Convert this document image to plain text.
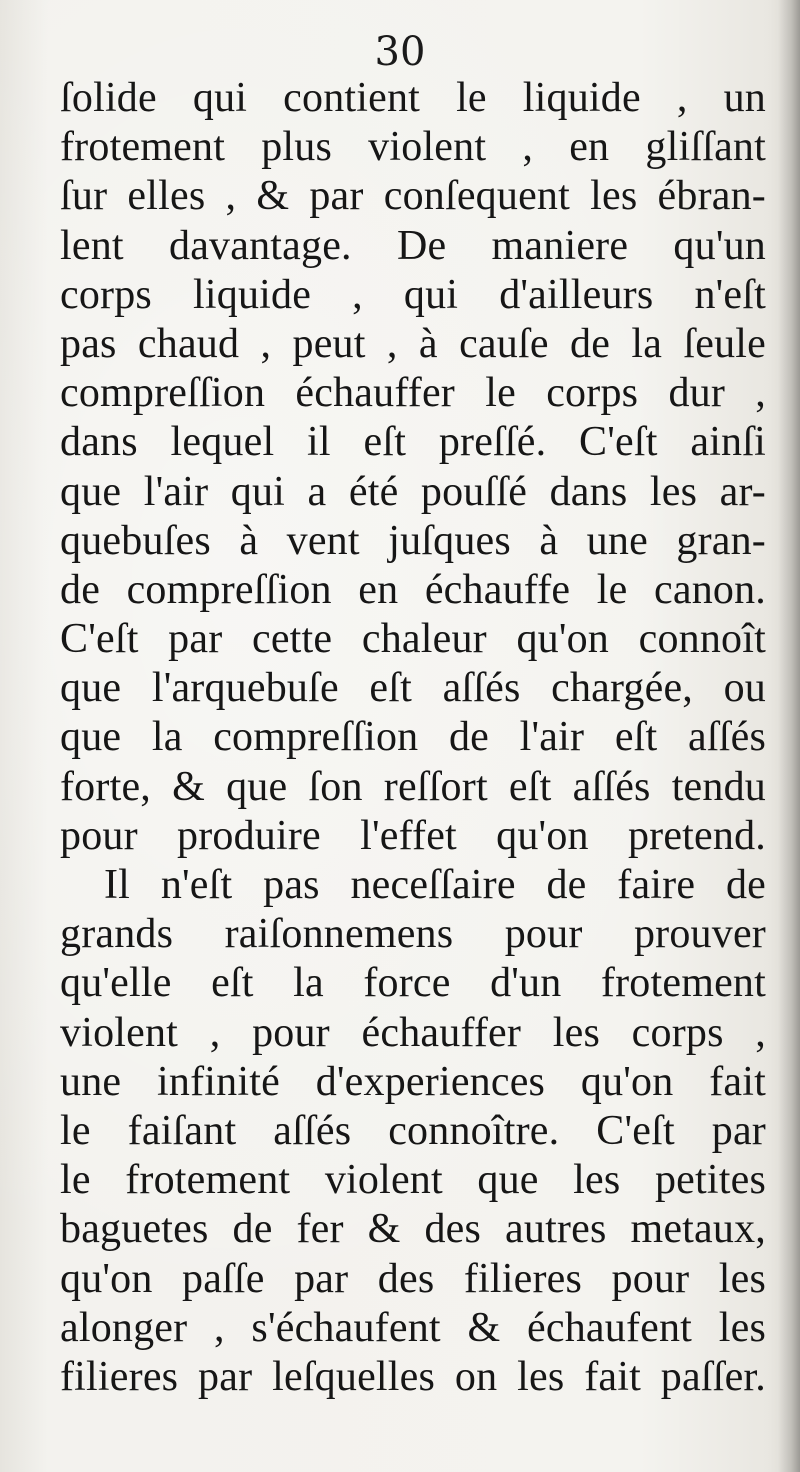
30
ſolide qui contient le liquide , un
frotement plus violent , en gliſſant
ſur elles , & par conſequent les ébran-
lent davantage. De maniere qu'un
corps liquide , qui d'ailleurs n'eſt
pas chaud , peut , à cauſe de la ſeule
compreſſion échauffer le corps dur ,
dans lequel il eſt preſſé. C'eſt ainſi
que l'air qui a été pouſſé dans les ar-
quebuſes à vent juſques à une gran-
de compreſſion en échauffe le canon.
C'eſt par cette chaleur qu'on connoît
que l'arquebuſe eſt aſſés chargée, ou
que la compreſſion de l'air eſt aſſés
forte, & que ſon reſſort eſt aſſés tendu
pour produire l'effet qu'on pretend.
Il n'eſt pas neceſſaire de faire de
grands raiſonnemens pour prouver
qu'elle eſt la force d'un frotement
violent , pour échauffer les corps ,
une infinité d'experiences qu'on fait
le faiſant aſſés connoître. C'eſt par
le frotement violent que les petites
baguetes de fer & des autres metaux,
qu'on paſſe par des filieres pour les
alonger , s'échaufent & échaufent les
filieres par leſquelles on les fait paſſer.
